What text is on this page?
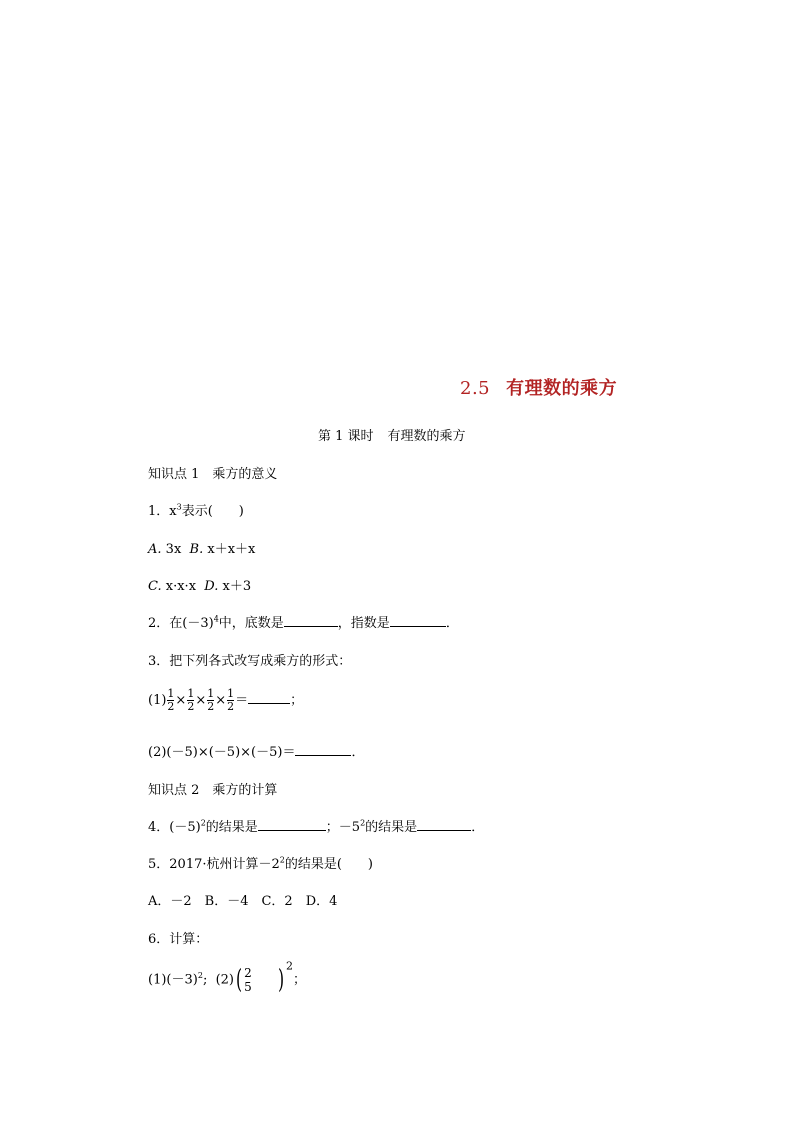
2.5 有理数的乘方
第 1 课时 有理数的乘方
知识点 1　乘方的意义
1．$x^3$表示(　　)
A. 3x B. x＋x＋x
C. x·x·x D. x＋3
2．在$(-3)^4$中，底数是	，指数是	．
3．把下列各式改写成乘方的形式：
$(1) \frac{1}{2} \times \frac{1}{2} \times \frac{1}{2} \times \frac{1}{2}$ ＝	；
(2)(－5)×(－5)×(－5)＝	．
知识点 2　乘方的计算
4．$(-5)^2$的结果是	；$-5^2$的结果是	．
5．2017·杭州计算$-2^2$的结果是(　　)
A．－2　B．－4　C．2　D．4
6．计算：
$(1)(-3)^2$; (2)( 2
5 ) $^2$；
